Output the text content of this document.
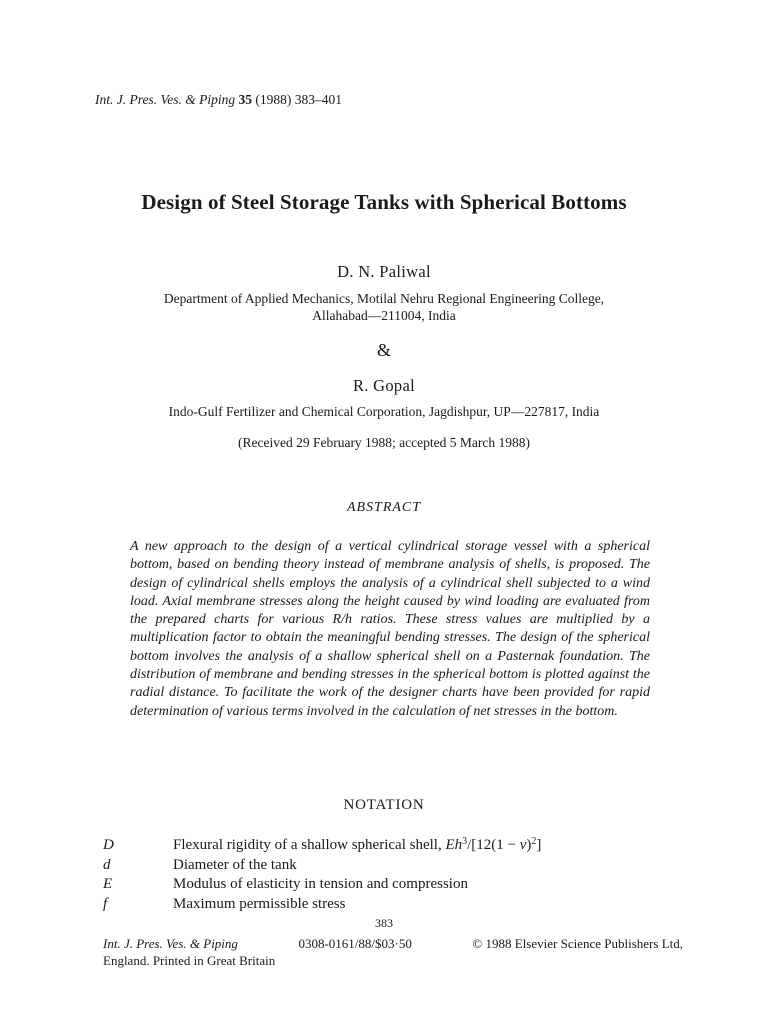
Int. J. Pres. Ves. & Piping 35 (1988) 383–401
Design of Steel Storage Tanks with Spherical Bottoms
D. N. Paliwal
Department of Applied Mechanics, Motilal Nehru Regional Engineering College,
Allahabad—211004, India
&
R. Gopal
Indo-Gulf Fertilizer and Chemical Corporation, Jagdishpur, UP—227817, India
(Received 29 February 1988; accepted 5 March 1988)
ABSTRACT
A new approach to the design of a vertical cylindrical storage vessel with a spherical bottom, based on bending theory instead of membrane analysis of shells, is proposed. The design of cylindrical shells employs the analysis of a cylindrical shell subjected to a wind load. Axial membrane stresses along the height caused by wind loading are evaluated from the prepared charts for various R/h ratios. These stress values are multiplied by a multiplication factor to obtain the meaningful bending stresses. The design of the spherical bottom involves the analysis of a shallow spherical shell on a Pasternak foundation. The distribution of membrane and bending stresses in the spherical bottom is plotted against the radial distance. To facilitate the work of the designer charts have been provided for rapid determination of various terms involved in the calculation of net stresses in the bottom.
NOTATION
D	Flexural rigidity of a shallow spherical shell, $Eh^3/[12(1 - \nu)^2]$
d	Diameter of the tank
E	Modulus of elasticity in tension and compression
f	Maximum permissible stress
383
Int. J. Pres. Ves. & Piping	0308-0161/88/$03·50	© 1988 Elsevier Science Publishers Ltd,
England. Printed in Great Britain
